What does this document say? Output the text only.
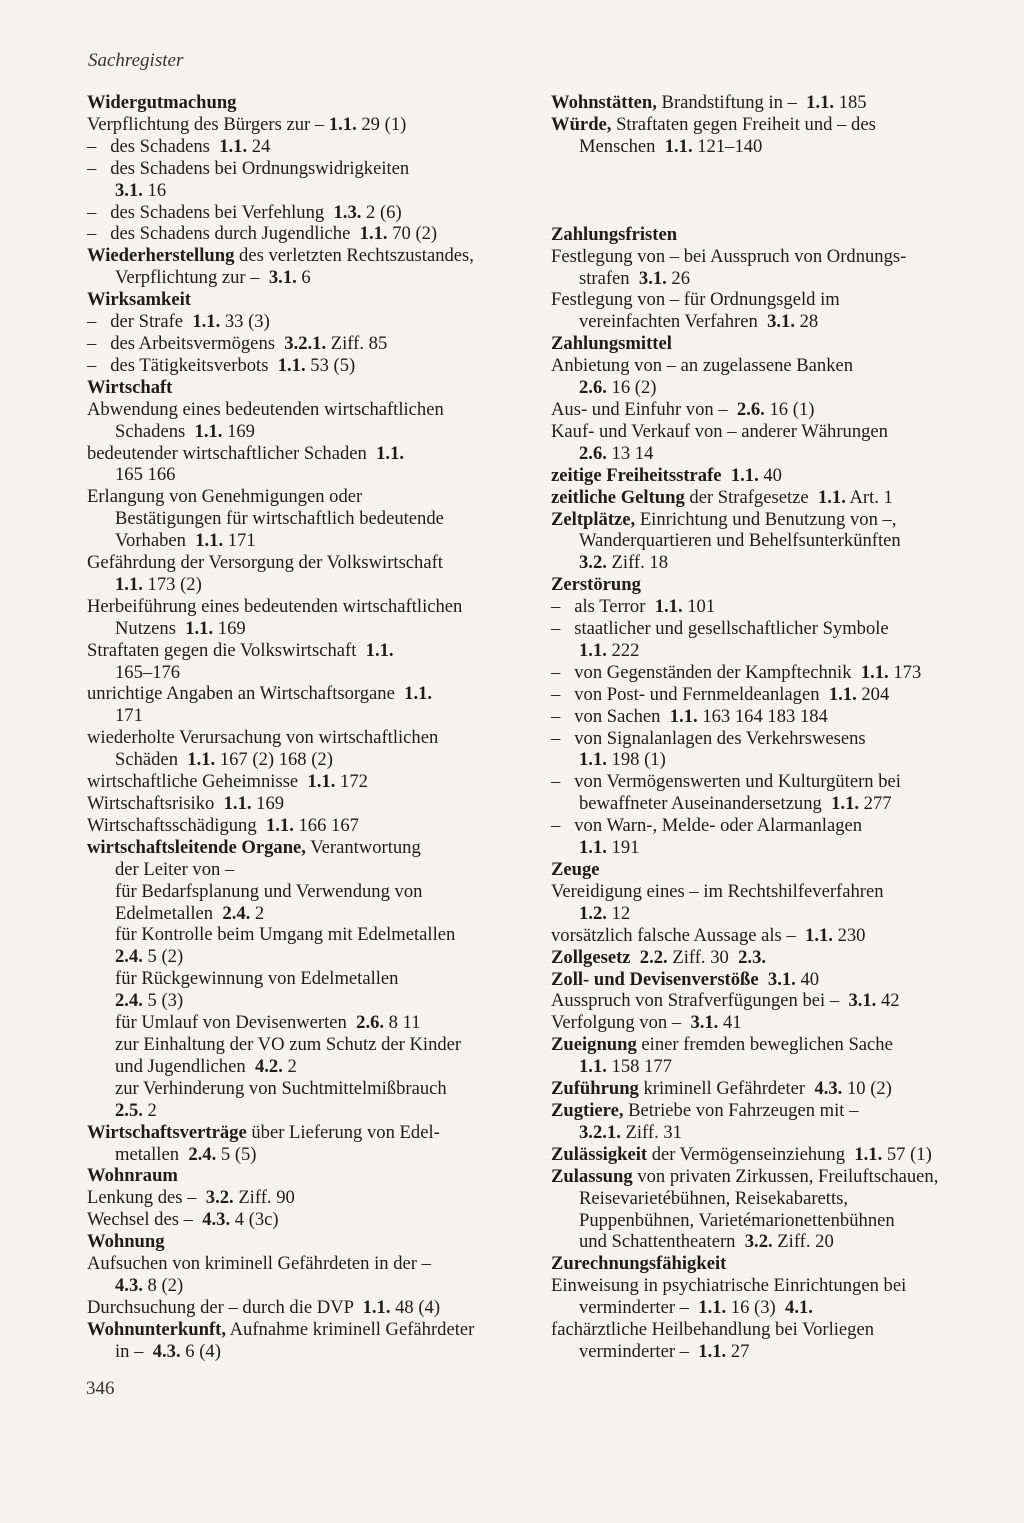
Sachregister
Widergutmachung
Verpflichtung des Bürgers zur – 1.1. 29 (1)
–   des Schadens  1.1. 24
–   des Schadens bei Ordnungswidrigkeiten
3.1. 16
–   des Schadens bei Verfehlung  1.3. 2 (6)
–   des Schadens durch Jugendliche  1.1. 70 (2)
Wiederherstellung des verletzten Rechtszustandes,
Verpflichtung zur –  3.1. 6
Wirksamkeit
–   der Strafe  1.1. 33 (3)
–   des Arbeitsvermögens  3.2.1. Ziff. 85
–   des Tätigkeitsverbots  1.1. 53 (5)
Wirtschaft
Abwendung eines bedeutenden wirtschaftlichen
Schadens  1.1. 169
bedeutender wirtschaftlicher Schaden  1.1.
165 166
Erlangung von Genehmigungen oder
Bestätigungen für wirtschaftlich bedeutende
Vorhaben  1.1. 171
Gefährdung der Versorgung der Volkswirtschaft
1.1. 173 (2)
Herbeiführung eines bedeutenden wirtschaftlichen
Nutzens  1.1. 169
Straftaten gegen die Volkswirtschaft  1.1.
165–176
unrichtige Angaben an Wirtschaftsorgane  1.1.
171
wiederholte Verursachung von wirtschaftlichen
Schäden  1.1. 167 (2) 168 (2)
wirtschaftliche Geheimnisse  1.1. 172
Wirtschaftsrisiko  1.1. 169
Wirtschaftsschädigung  1.1. 166 167
wirtschaftsleitende Organe, Verantwortung
der Leiter von –
für Bedarfsplanung und Verwendung von
Edelmetallen  2.4. 2
für Kontrolle beim Umgang mit Edelmetallen
2.4. 5 (2)
für Rückgewinnung von Edelmetallen
2.4. 5 (3)
für Umlauf von Devisenwerten  2.6. 8 11
zur Einhaltung der VO zum Schutz der Kinder
und Jugendlichen  4.2. 2
zur Verhinderung von Suchtmittelmißbrauch
2.5. 2
Wirtschaftsverträge über Lieferung von Edel-
metallen  2.4. 5 (5)
Wohnraum
Lenkung des –  3.2. Ziff. 90
Wechsel des –  4.3. 4 (3c)
Wohnung
Aufsuchen von kriminell Gefährdeten in der –
4.3. 8 (2)
Durchsuchung der – durch die DVP  1.1. 48 (4)
Wohnunterkunft, Aufnahme kriminell Gefährdeter
in –  4.3. 6 (4)
Wohnstätten, Brandstiftung in –  1.1. 185
Würde, Straftaten gegen Freiheit und – des
Menschen  1.1. 121–140
Zahlungsfristen
Festlegung von – bei Ausspruch von Ordnungs-
strafen  3.1. 26
Festlegung von – für Ordnungsgeld im
vereinfachten Verfahren  3.1. 28
Zahlungsmittel
Anbietung von – an zugelassene Banken
2.6. 16 (2)
Aus- und Einfuhr von –  2.6. 16 (1)
Kauf- und Verkauf von – anderer Währungen
2.6. 13 14
zeitige Freiheitsstrafe  1.1. 40
zeitliche Geltung der Strafgesetze  1.1. Art. 1
Zeltplätze, Einrichtung und Benutzung von –,
Wanderquartieren und Behelfsunterkünften
3.2. Ziff. 18
Zerstörung
–   als Terror  1.1. 101
–   staatlicher und gesellschaftlicher Symbole
1.1. 222
–   von Gegenständen der Kampftechnik  1.1. 173
–   von Post- und Fernmeldeanlagen  1.1. 204
–   von Sachen  1.1. 163 164 183 184
–   von Signalanlagen des Verkehrswesens
1.1. 198 (1)
–   von Vermögenswerten und Kulturgütern bei
bewaffneter Auseinandersetzung  1.1. 277
–   von Warn-, Melde- oder Alarmanlagen
1.1. 191
Zeuge
Vereidigung eines – im Rechtshilfeverfahren
1.2. 12
vorsätzlich falsche Aussage als –  1.1. 230
Zollgesetz  2.2. Ziff. 30  2.3.
Zoll- und Devisenverstöße  3.1. 40
Ausspruch von Strafverfügungen bei –  3.1. 42
Verfolgung von –  3.1. 41
Zueignung einer fremden beweglichen Sache
1.1. 158 177
Zuführung kriminell Gefährdeter  4.3. 10 (2)
Zugtiere, Betriebe von Fahrzeugen mit –
3.2.1. Ziff. 31
Zulässigkeit der Vermögenseinziehung  1.1. 57 (1)
Zulassung von privaten Zirkussen, Freiluftschauen,
Reisevarietébühnen, Reisekabaretts,
Puppenbühnen, Varietémarionettenbühnen
und Schattentheatern  3.2. Ziff. 20
Zurechnungsfähigkeit
Einweisung in psychiatrische Einrichtungen bei
verminderter –  1.1. 16 (3)  4.1.
fachärztliche Heilbehandlung bei Vorliegen
verminderter –  1.1. 27
346
